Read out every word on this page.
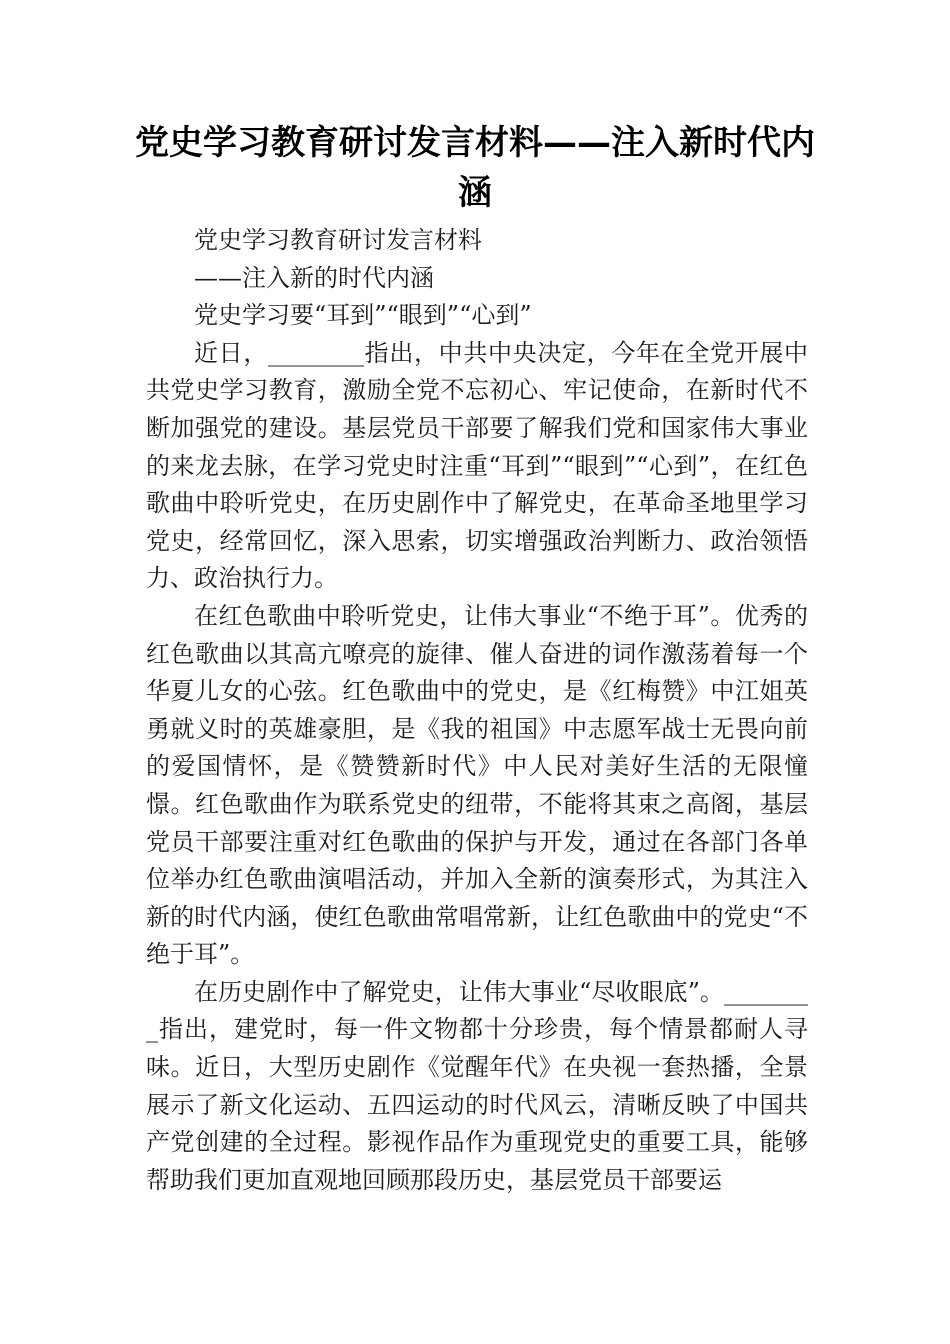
党史学习教育研讨发言材料——注入新时代内涵

党史学习教育研讨发言材料

——注入新的时代内涵

党史学习要“耳到”“眼到”“心到”

近日，________指出，中共中央决定，今年在全党开展中共党史学习教育，激励全党不忘初心、牢记使命，在新时代不断加强党的建设。基层党员干部要了解我们党和国家伟大事业的来龙去脉，在学习党史时注重“耳到”“眼到”“心到”，在红色歌曲中聆听党史，在历史剧作中了解党史，在革命圣地里学习党史，经常回忆，深入思索，切实增强政治判断力、政治领悟力、政治执行力。

在红色歌曲中聆听党史，让伟大事业“不绝于耳”。优秀的红色歌曲以其高亢嘹亮的旋律、催人奋进的词作激荡着每一个华夏儿女的心弦。红色歌曲中的党史，是《红梅赞》中江姐英勇就义时的英雄豪胆，是《我的祖国》中志愿军战士无畏向前的爱国情怀，是《赞赞新时代》中人民对美好生活的无限憧憬。红色歌曲作为联系党史的纽带，不能将其束之高阁，基层党员干部要注重对红色歌曲的保护与开发，通过在各部门各单位举办红色歌曲演唱活动，并加入全新的演奏形式，为其注入新的时代内涵，使红色歌曲常唱常新，让红色歌曲中的党史“不绝于耳”。

在历史剧作中了解党史，让伟大事业“尽收眼底”。________指出，建党时，每一件文物都十分珍贵，每个情景都耐人寻味。近日，大型历史剧作《觉醒年代》在央视一套热播，全景展示了新文化运动、五四运动的时代风云，清晰反映了中国共产党创建的全过程。影视作品作为重现党史的重要工具，能够帮助我们更加直观地回顾那段历史，基层党员干部要运
